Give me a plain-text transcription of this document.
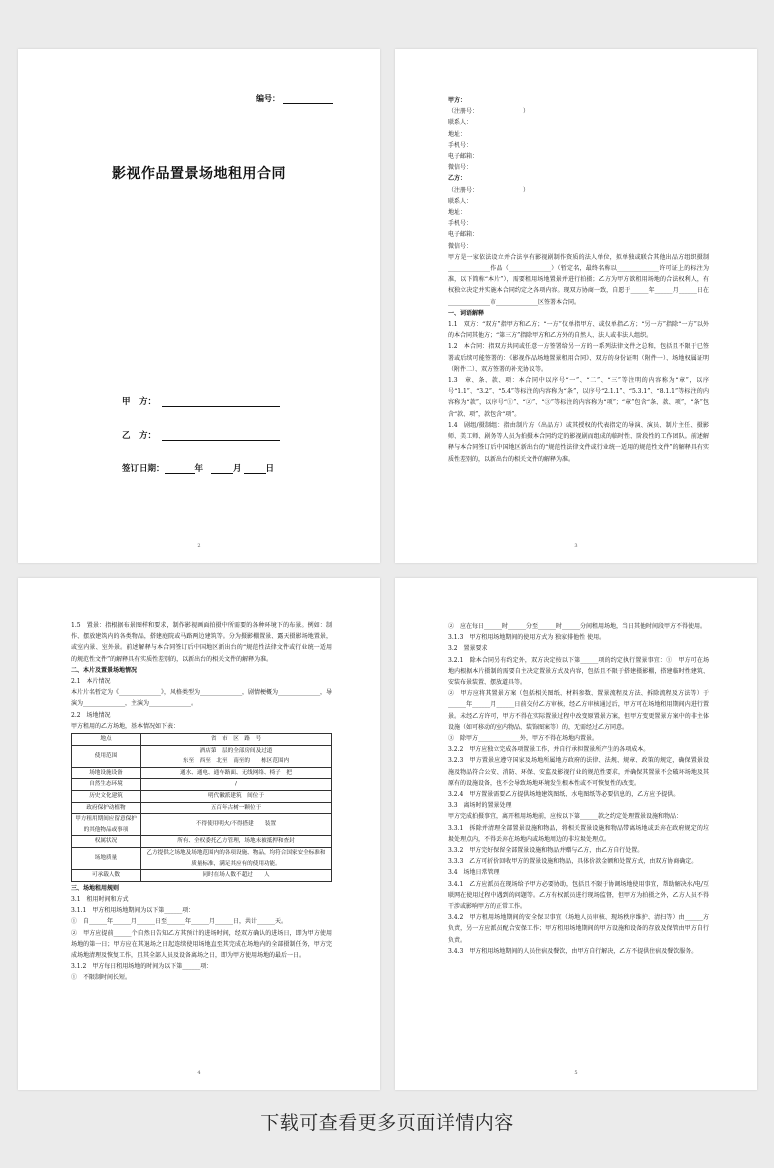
编号：
影视作品置景场地租用合同
甲　方：
乙　方：
签订日期：	年	月	日
2

甲方：

（注册号：　　　　　　　　）

联系人：

地址：

手机号：

电子邮箱：

微信号：

乙方：

（注册号：　　　　　　　　）

联系人：

地址：

手机号：

电子邮箱：

微信号：

甲方是一家依法设立并合法享有影视剧制作资质的法人单位，拟单独或联合其他出品方组织摄制______________作品（______________）（暂定名，最终名称以______________许可证上的标注为准，以下简称“本片”），需要租用场地置景并进行拍摄；乙方为甲方欲租用场地的合法权利人，有权独立决定并实施本合同约定之各项内容。现双方协商一致，自愿于______年______月______日在______________市______________区签署本合同。

一、词语解释

1.1　双方：“双方”指甲方和乙方；“一方”仅单指甲方、或仅单指乙方；“另一方”指除“一方”以外的本合同其他方；“第三方”指除甲方和乙方外的自然人、法人或非法人组织。

1.2　本合同：指双方共同或任意一方签署给另一方的一系列法律文件之总和，包括且不限于已签署或后续可能签署的：《影视作品场地置景租用合同》、双方的身份证明（附件一）、场地权属证明（附件二）、双方签署的补充协议等。

1.3　章、条、款、项：本合同中以序号“一”、“二”、“三”等注明的内容称为“章”，以序号“1.1”、“3.2”、“5.4”等标注的内容称为“条”，以序号“2.1.1”、“5.3.1”、“8.1.1”等标注的内容称为“款”，以序号“①”、“②”、“③”等标注的内容称为“项”；“章”包含“条、款、项”，“条”包含“款、项”，款包含“项”。

1.4　剧组/摄制组：指由制片方（出品方）或其授权的代表指定的导演、演员、制片主任、摄影师、美工师、剧务等人员为拍摄本合同约定的影视剧而组成的临时性、阶段性的工作团队。前述解释与本合同签订后中国地区新出台的“规范性法律文件或行业统一适用的规范性文件”的解释具有实质性差别的，以新出台的相关文件的解释为准。

3

1.5　置景：指根据布景图样和要求，制作影视画面拍摄中所需要的各种环境下的布景。例如：制作、摆放建筑内的各类物品，搭建庭院或马路两边建筑等。分为摄影棚置景、露天摄影场地置景，或室内景、室外景。前述解释与本合同签订后中国地区新出台的“规范性法律文件或行业统一适用的规范性文件”的解释具有实质性差别的，以新出台的相关文件的解释为准。

二、本片及置景场地情况

2.1　本片情况

本片片名暂定为《______________》，风格类型为______________，剧情梗概为______________，导演为______________，主演为______________。

2.2　场地情况

甲方租用的乙方场地，基本情况如下表：

地点	省　市　区　路　号
使用范围	酒店第　层的全部房间及过道
东至　西至　北至　南至的　　栋区范围内
场地设施设备	通水、通电、通车路面、无线网络、椅子　把
自然生态环境	/
历史文化建筑	明代徽派建筑　间位于
政府保护动植物	五百年古树一颗位于
甲方租用期间应留意保护的其他物品或事项	不得使用明火/不得搭建　　装置
权属状况	所有、全权委托乙方管理，场地未被抵押和查封
场地质量	乙方提供之场地及场地范围内的各项设施、物品，均符合国家安全标准和质量标准，满足其应有的使用功能。
可承载人数	同时在场人数不超过　　人

三、场地租用规则

3.1　租用时间和方式

3.1.1　甲方租用场地期间为以下第______项：

①　自______年______月______日至______年______月______日，共计______天。

②　甲方应提前______个自然日告知乙方其预计的进场时间，经双方确认的进场日，即为甲方使用场地的第一日；甲方应在其退场之日起连续使用场地直至其完成在场地内的全部摄制任务，甲方完成场地清理及恢复工作，且其全部人员及设备离场之日，即为甲方使用场地的最后一日。

3.1.2　甲方每日租用场地的时间为以下第______项：

①　不限制时间长短。

4

②　应在每日______时______分至______时______分间租用场地，当日其他时间段甲方不得使用。

3.1.3　甲方租用场地期间的使用方式为 独家排他性 使用。

3.2　置景要求

3.2.1　除本合同另有约定外，双方决定按以下第______项的约定执行置景事宜：①　甲方可在场地内根据本片摄制的需要自主决定置景方式及内容，包括且不限于搭建摄影棚，搭建临时性建筑、安装布景装置、摆放道具等。

②　甲方应将其置景方案（包括相关图纸、材料参数、置景流程及方法、拆除流程及方法等）于______年______月______日前交付乙方审核，经乙方审核通过后，甲方可在场地租用期间内进行置景。未经乙方许可，甲方不得在实际置景过程中改变原置景方案，但甲方变更置景方案中的非主体设施（如可移动的室内物品、装饰图案等）的，无需经过乙方同意。

③　除甲方______________外，甲方不得在场地内置景。

3.2.2　甲方应独立完成各项置景工作，并自行承担置景所产生的各项成本。

3.2.3　甲方置景应遵守国家及场地所属地方政府的法律、法规、规章、政策的规定，确保置景设施及物品符合公安、消防、环保、安监及影视行业的规范性要求，并确保其置景不会破坏场地及其原有的设施设备，也不会导致场地环境发生根本性或不可恢复性的改变。

3.2.4　甲方置景需要乙方提供场地建筑图纸、水电图纸等必要信息的，乙方应予提供。

3.3　离场时的置景处理

甲方完成拍摄事宜，离开租用场地前，应按以下第______款之约定处理置景设施和物品：

3.3.1　拆除并清理全部置景设施和物品，将相关置景设施和物品带离场地或丢弃在政府规定的垃圾处理点内，不得丢弃在场地内或场地周边的非垃圾处理点。

3.3.2　甲方完好保留全部置景设施和物品并赠与乙方，由乙方自行处置。

3.3.3　乙方可折价回收甲方的置景设施和物品，具体价款金额和处置方式，由双方协商确定。

3.4　场地日常管理

3.4.1　乙方应派员在现场给予甲方必要协助，包括且不限于协调场地使用事宜，帮助解决水/电/互联网在使用过程中遇到的问题等。乙方有权派员进行现场监督，但甲方为拍摄之外，乙方人员不得干涉或影响甲方的正常工作。

3.4.2　甲方租用场地期间的安全保卫事宜（场地人员审核、现场秩序维护、清扫等）由______方负责，另一方应派员配合安保工作；甲方租用场地期间的甲方设施和设备的存放及保管由甲方自行负责。

3.4.3　甲方租用场地期间的人员住宿及餐饮，由甲方自行解决，乙方不提供住宿及餐饮服务。

5
下载可查看更多页面详情内容
